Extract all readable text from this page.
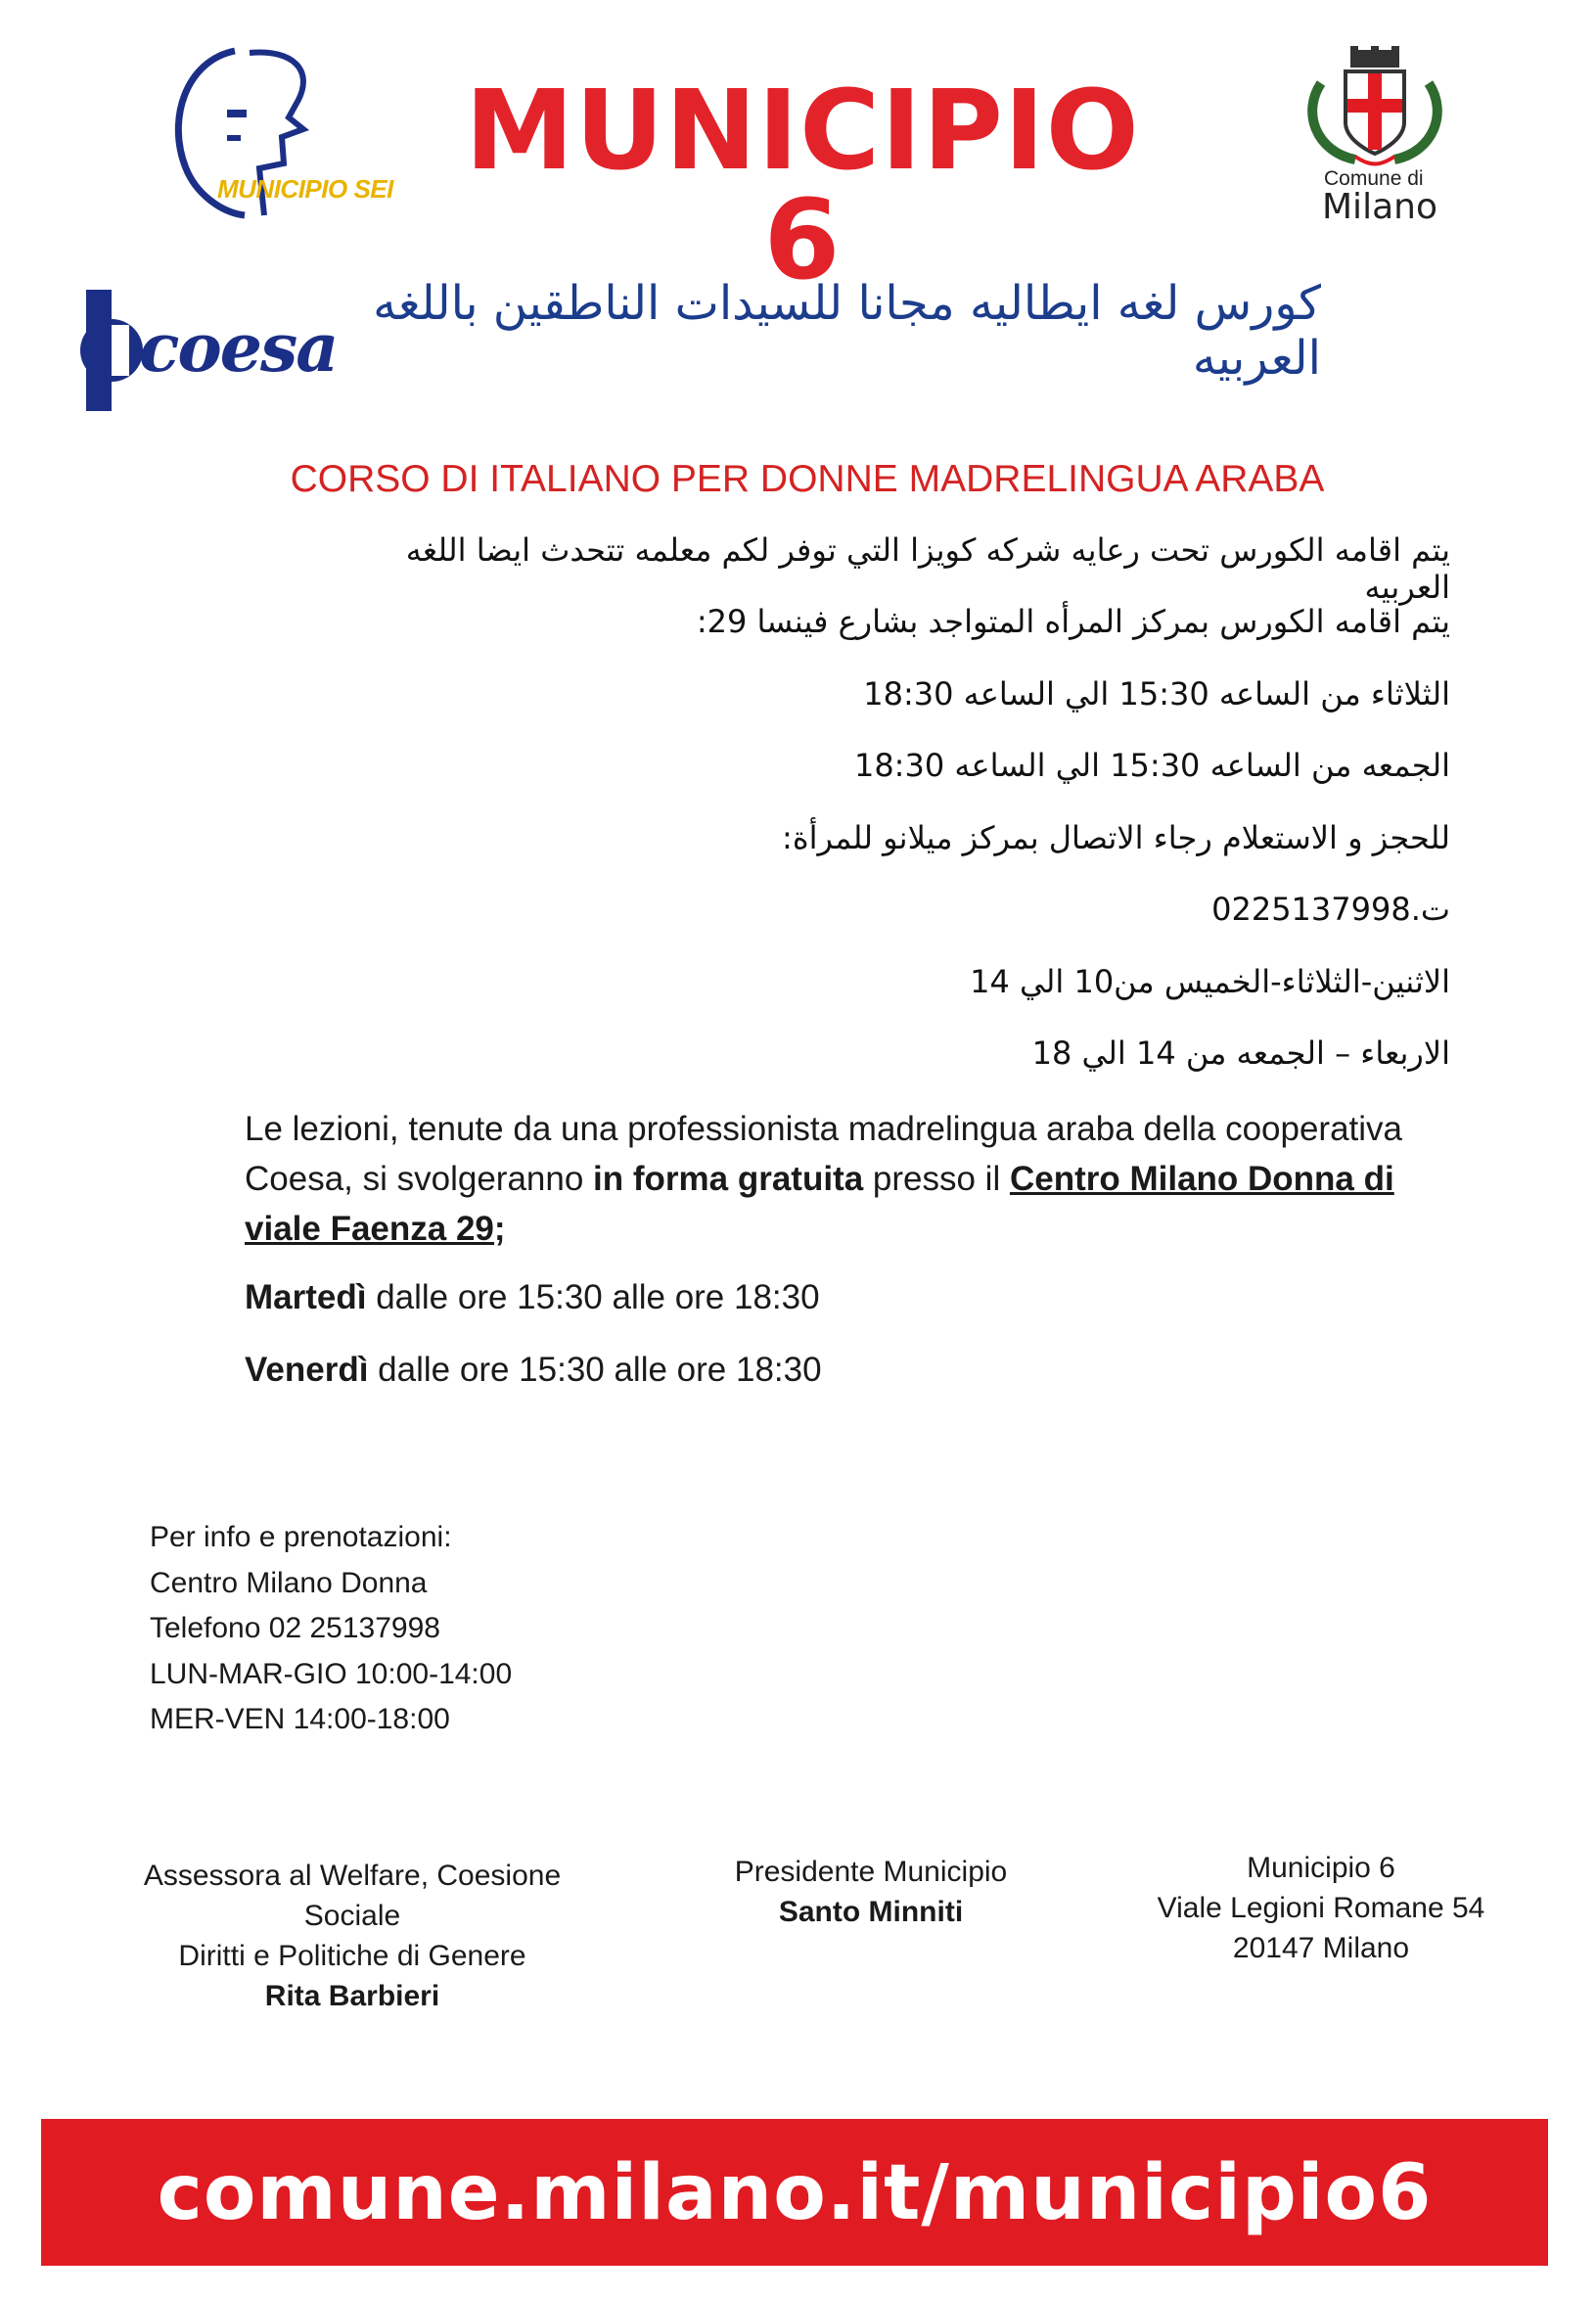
MUNICIPIO SEI MUNICIPIO 6	Comune di
Milano
coesa
كورس لغه ايطاليه مجانا للسيدات الناطقين باللغه العربيه
CORSO DI ITALIANO PER DONNE MADRELINGUA ARABA
يتم اقامه الكورس تحت رعايه شركه كويزا التي توفر لكم معلمه تتحدث ايضا اللغه العربيه
يتم اقامه الكورس بمركز المرأه المتواجد بشارع فينسا 29:
الثلاثاء من الساعه 15:30 الي الساعه 18:30
الجمعه من الساعه 15:30 الي الساعه 18:30
للحجز و الاستعلام رجاء الاتصال بمركز ميلانو للمرأة:
ت.0225137998
الاثنين-الثلاثاء-الخميس من10 الي 14
الاربعاء – الجمعه من 14 الي 18
Le lezioni, tenute da una professionista madrelingua araba della cooperativa Coesa, si svolgeranno in forma gratuita presso il Centro Milano Donna di viale Faenza 29;
Martedì dalle ore 15:30 alle ore 18:30
Venerdì dalle ore 15:30 alle ore 18:30
Per info e prenotazioni:
Centro Milano Donna
Telefono 02 25137998
LUN-MAR-GIO 10:00-14:00
MER-VEN 14:00-18:00
Assessora al Welfare, Coesione
Sociale
Diritti e Politiche di Genere
Rita Barbieri
Presidente Municipio
Santo Minniti
Municipio 6
Viale Legioni Romane 54
20147 Milano
comune.milano.it/municipio6
